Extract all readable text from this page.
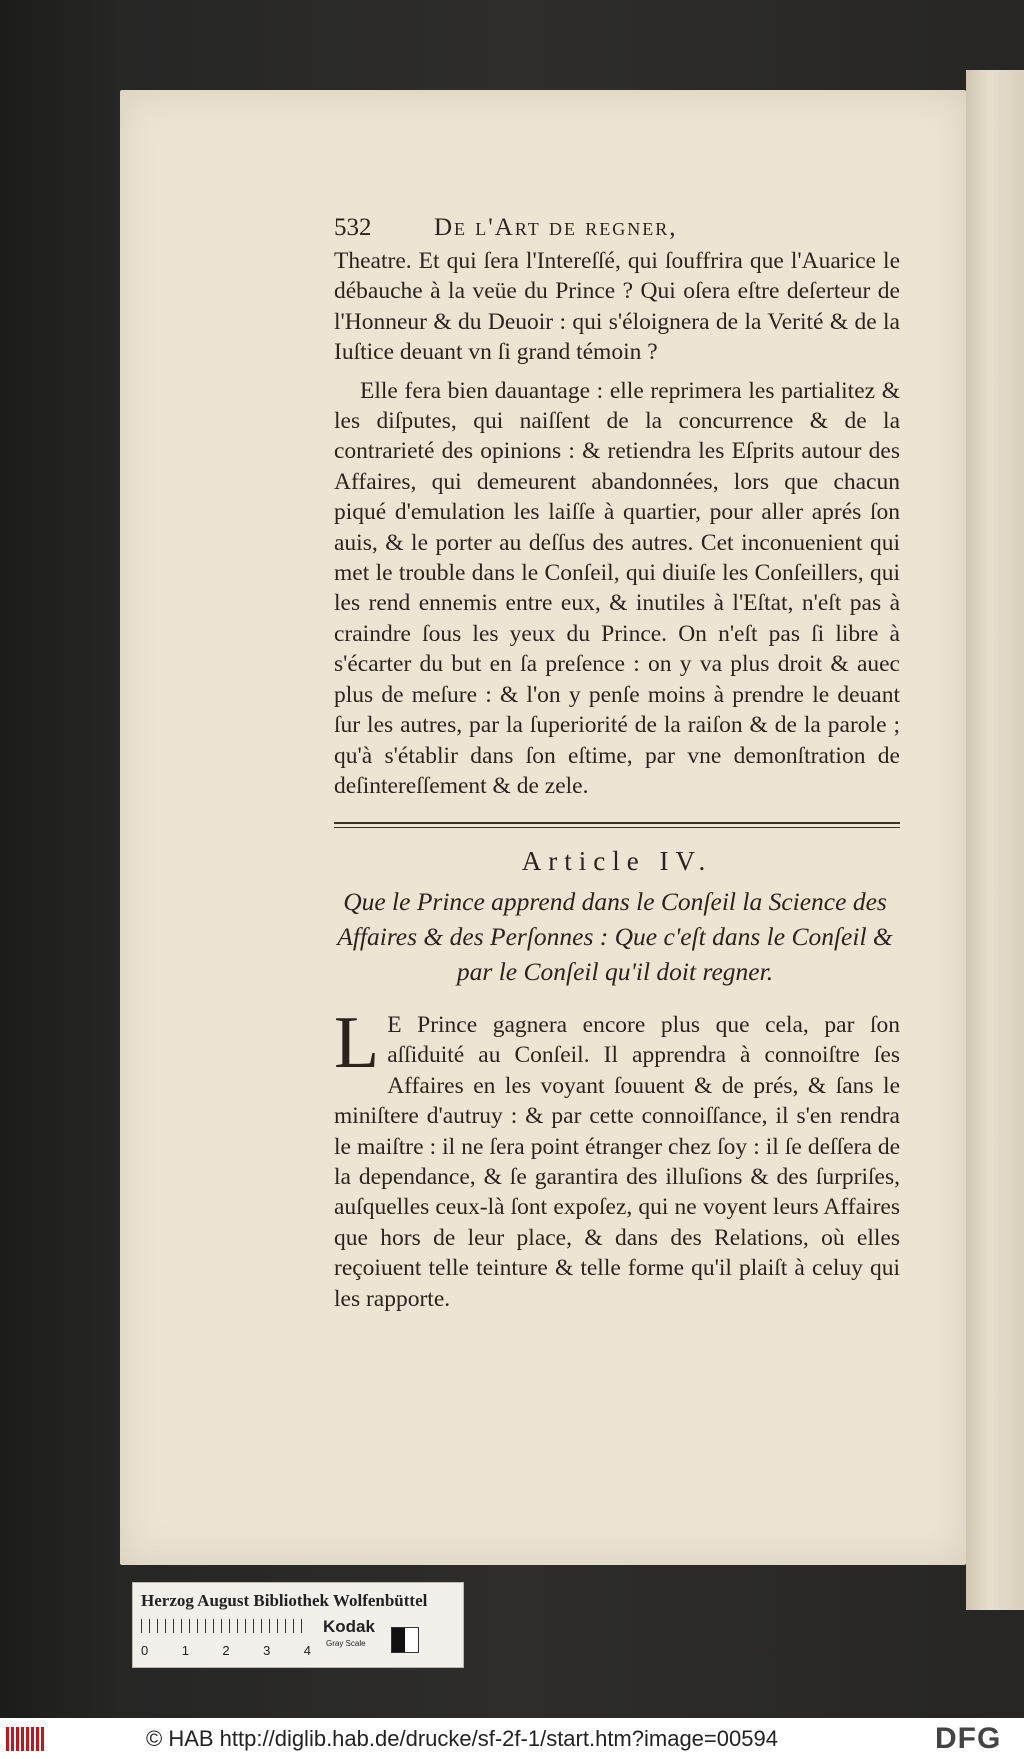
532	De l'Art de regner,

Theatre. Et qui ſera l'Intereſſé, qui ſouffrira que l'Auarice le débauche à la veüe du Prince ? Qui oſera eſtre deſerteur de l'Honneur & du Deuoir : qui s'éloignera de la Verité & de la Iuſtice deuant vn ſi grand témoin ?

Elle fera bien dauantage : elle reprimera les partialitez & les diſputes, qui naiſſent de la concurrence & de la contrarieté des opinions : & retiendra les Eſprits autour des Affaires, qui demeurent abandonnées, lors que chacun piqué d'emulation les laiſſe à quartier, pour aller aprés ſon auis, & le porter au deſſus des autres. Cet inconuenient qui met le trouble dans le Conſeil, qui diuiſe les Conſeillers, qui les rend ennemis entre eux, & inutiles à l'Eſtat, n'eſt pas à craindre ſous les yeux du Prince. On n'eſt pas ſi libre à s'écarter du but en ſa preſence : on y va plus droit & auec plus de meſure : & l'on y penſe moins à prendre le deuant ſur les autres, par la ſuperiorité de la raiſon & de la parole ; qu'à s'établir dans ſon eſtime, par vne demonſtration de deſintereſſement & de zele.

Article IV.
Que le Prince apprend dans le Conſeil la Science des Affaires & des Perſonnes : Que c'eſt dans le Conſeil & par le Conſeil qu'il doit regner.
L E Prince gagnera encore plus que cela, par ſon aſſiduité au Conſeil. Il apprendra à connoiſtre ſes Affaires en les voyant ſouuent & de prés, & ſans le miniſtere d'autruy : & par cette connoiſſance, il s'en rendra le maiſtre : il ne ſera point étranger chez ſoy : il ſe deſſera de la dependance, & ſe garantira des illuſions & des ſurpriſes, auſquelles ceux-là ſont expoſez, qui ne voyent leurs Affaires que hors de leur place, & dans des Relations, où elles reçoiuent telle teinture & telle forme qu'il plaiſt à celuy qui les rapporte.

Herzog August Bibliothek Wolfenbüttel
0	1	2	3	4
Kodak
Gray Scale
© HAB http://diglib.hab.de/drucke/sf-2f-1/start.htm?image=00594	DFG
